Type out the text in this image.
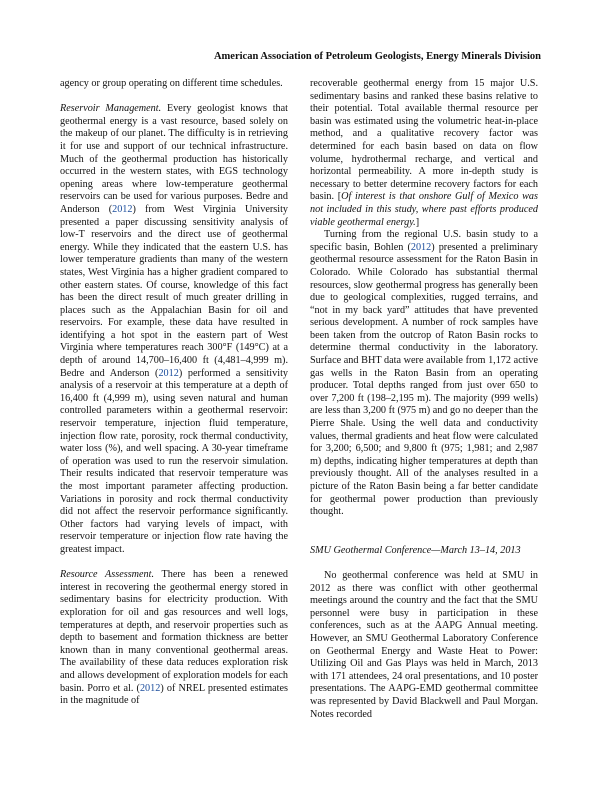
American Association of Petroleum Geologists, Energy Minerals Division

agency or group operating on different time schedules.

Reservoir Management. Every geologist knows that geothermal energy is a vast resource, based solely on the makeup of our planet. The difficulty is in retrieving it for use and support of our technical infrastructure. Much of the geothermal production has historically occurred in the western states, with EGS technology opening areas where low-temperature geothermal reservoirs can be used for various purposes. Bedre and Anderson (2012) from West Virginia University presented a paper discussing sensitivity analysis of low-T reservoirs and the direct use of geothermal energy. While they indicated that the eastern U.S. has lower temperature gradients than many of the western states, West Virginia has a higher gradient compared to other eastern states. Of course, knowledge of this fact has been the direct result of much greater drilling in places such as the Appalachian Basin for oil and reservoirs. For example, these data have resulted in identifying a hot spot in the eastern part of West Virginia where temperatures reach 300°F (149°C) at a depth of around 14,700–16,400 ft (4,481–4,999 m). Bedre and Anderson (2012) performed a sensitivity analysis of a reservoir at this temperature at a depth of 16,400 ft (4,999 m), using seven natural and human controlled parameters within a geothermal reservoir: reservoir temperature, injection fluid temperature, injection flow rate, porosity, rock thermal conductivity, water loss (%), and well spacing. A 30-year timeframe of operation was used to run the reservoir simulation. Their results indicated that reservoir temperature was the most important parameter affecting production. Variations in porosity and rock thermal conductivity did not affect the reservoir performance significantly. Other factors had varying levels of impact, with reservoir temperature or injection flow rate having the greatest impact.

Resource Assessment. There has been a renewed interest in recovering the geothermal energy stored in sedimentary basins for electricity production. With exploration for oil and gas resources and well logs, temperatures at depth, and reservoir properties such as depth to basement and formation thickness are better known than in many conventional geothermal areas. The availability of these data reduces exploration risk and allows development of exploration models for each basin. Porro et al. (2012) of NREL presented estimates in the magnitude of

recoverable geothermal energy from 15 major U.S. sedimentary basins and ranked these basins relative to their potential. Total available thermal resource per basin was estimated using the volumetric heat-in-place method, and a qualitative recovery factor was determined for each basin based on data on flow volume, hydrothermal recharge, and vertical and horizontal permeability. A more in-depth study is necessary to better determine recovery factors for each basin. [Of interest is that onshore Gulf of Mexico was not included in this study, where past efforts produced viable geothermal energy.]

Turning from the regional U.S. basin study to a specific basin, Bohlen (2012) presented a preliminary geothermal resource assessment for the Raton Basin in Colorado. While Colorado has substantial thermal resources, slow geothermal progress has generally been due to geological complexities, rugged terrains, and “not in my back yard” attitudes that have prevented serious development. A number of rock samples have been taken from the outcrop of Raton Basin rocks to determine thermal conductivity in the laboratory. Surface and BHT data were available from 1,172 active gas wells in the Raton Basin from an operating producer. Total depths ranged from just over 650 to over 7,200 ft (198–2,195 m). The majority (999 wells) are less than 3,200 ft (975 m) and go no deeper than the Pierre Shale. Using the well data and conductivity values, thermal gradients and heat flow were calculated for 3,200; 6,500; and 9,800 ft (975; 1,981; and 2,987 m) depths, indicating higher temperatures at depth than previously thought. All of the analyses resulted in a picture of the Raton Basin being a far better candidate for geothermal power production than previously thought.

SMU Geothermal Conference—March 13–14, 2013

No geothermal conference was held at SMU in 2012 as there was conflict with other geothermal meetings around the country and the fact that the SMU personnel were busy in participation in these conferences, such as at the AAPG Annual meeting. However, an SMU Geothermal Laboratory Conference on Geothermal Energy and Waste Heat to Power: Utilizing Oil and Gas Plays was held in March, 2013 with 171 attendees, 24 oral presentations, and 10 poster presentations. The AAPG-EMD geothermal committee was represented by David Blackwell and Paul Morgan. Notes recorded
